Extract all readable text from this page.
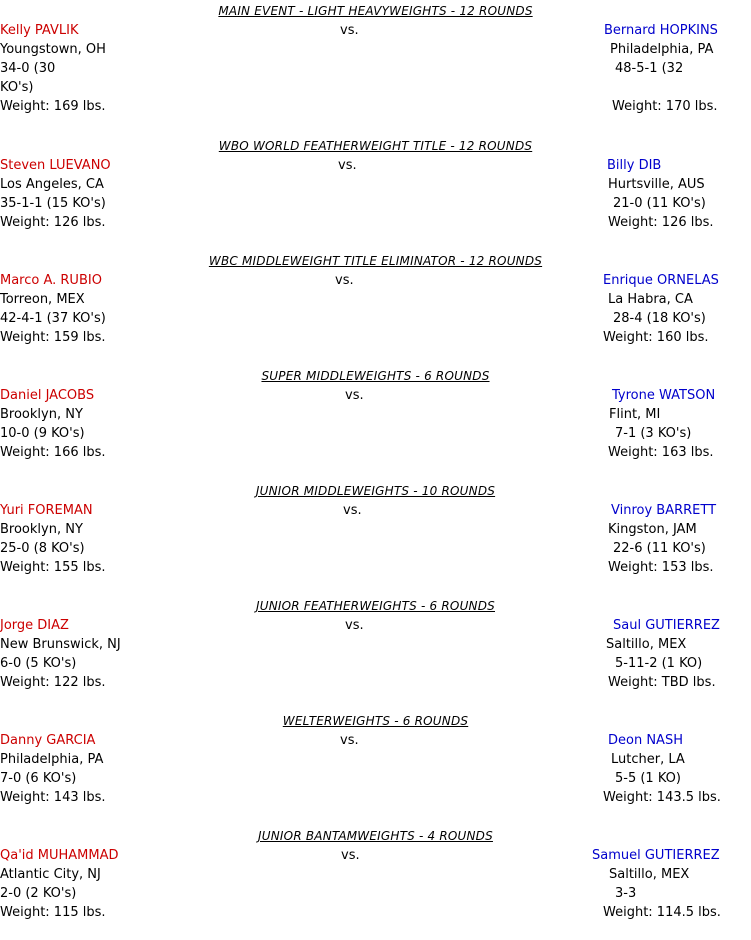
MAIN EVENT - LIGHT HEAVYWEIGHTS - 12 ROUNDS
vs.
Kelly PAVLIK
Youngstown, OH
34-0 (30
KO's)
Weight: 169 lbs.
Bernard HOPKINS
Philadelphia, PA
48-5-1 (32
Weight: 170 lbs.
WBO WORLD FEATHERWEIGHT TITLE - 12 ROUNDS
vs.
Steven LUEVANO
Los Angeles, CA
35-1-1 (15 KO's)
Weight: 126 lbs.
Billy DIB
Hurtsville, AUS
21-0 (11 KO's)
Weight: 126 lbs.
WBC MIDDLEWEIGHT TITLE ELIMINATOR - 12 ROUNDS
vs.
Marco A. RUBIO
Torreon, MEX
42-4-1 (37 KO's)
Weight: 159 lbs.
Enrique ORNELAS
La Habra, CA
28-4 (18 KO's)
Weight: 160 lbs.
SUPER MIDDLEWEIGHTS - 6 ROUNDS
vs.
Daniel JACOBS
Brooklyn, NY
10-0 (9 KO's)
Weight: 166 lbs.
Tyrone WATSON
Flint, MI
7-1 (3 KO's)
Weight: 163 lbs.
JUNIOR MIDDLEWEIGHTS - 10 ROUNDS
vs.
Yuri FOREMAN
Brooklyn, NY
25-0 (8 KO's)
Weight: 155 lbs.
Vinroy BARRETT
Kingston, JAM
22-6 (11 KO's)
Weight: 153 lbs.
JUNIOR FEATHERWEIGHTS - 6 ROUNDS
vs.
Jorge DIAZ
New Brunswick, NJ
6-0 (5 KO's)
Weight: 122 lbs.
Saul GUTIERREZ
Saltillo, MEX
5-11-2 (1 KO)
Weight: TBD lbs.
WELTERWEIGHTS - 6 ROUNDS
vs.
Danny GARCIA
Philadelphia, PA
7-0 (6 KO's)
Weight: 143 lbs.
Deon NASH
Lutcher, LA
5-5 (1 KO)
Weight: 143.5 lbs.
JUNIOR BANTAMWEIGHTS - 4 ROUNDS
vs.
Qa'id MUHAMMAD
Atlantic City, NJ
2-0 (2 KO's)
Weight: 115 lbs.
Samuel GUTIERREZ
Saltillo, MEX
3-3
Weight: 114.5 lbs.
